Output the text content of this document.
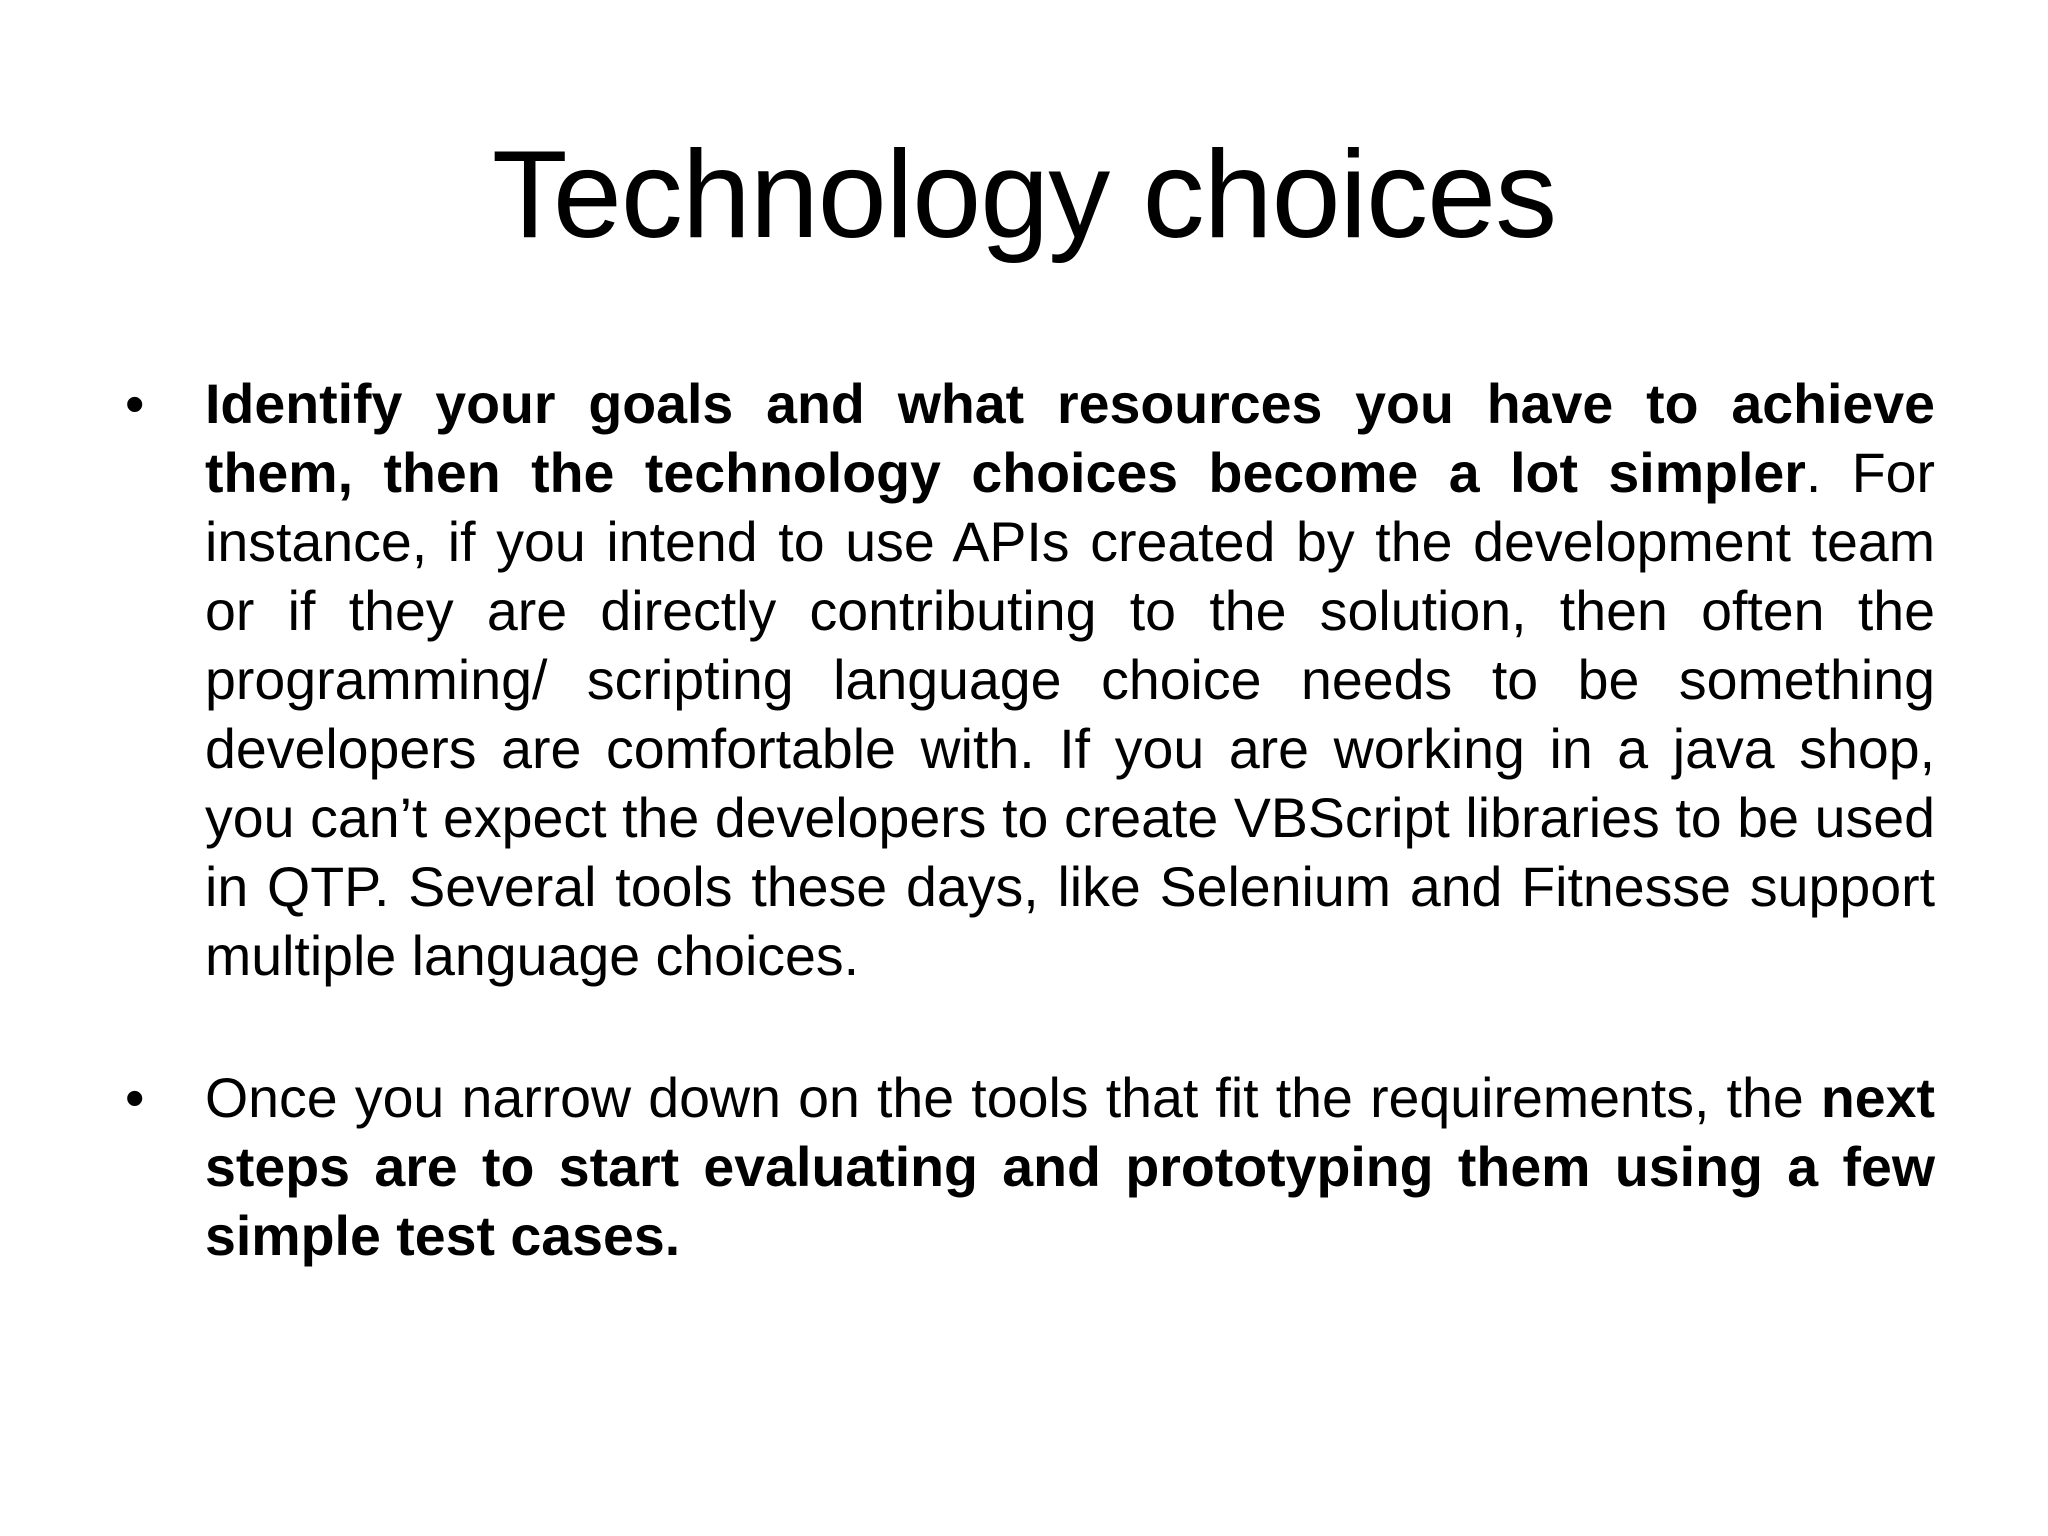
Technology choices
•	Identify your goals and what resources you have to achieve them, then the technology choices become a lot simpler. For instance, if you intend to use APIs created by the development team or if they are directly contributing to the solution, then often the programming/ scripting language choice needs to be something developers are comfortable with. If you are working in a java shop, you can’t expect the developers to create VBScript libraries to be used in QTP. Several tools these days, like Selenium and Fitnesse support multiple language choices.
•	Once you narrow down on the tools that fit the requirements, the next steps are to start evaluating and prototyping them using a few simple test cases.
